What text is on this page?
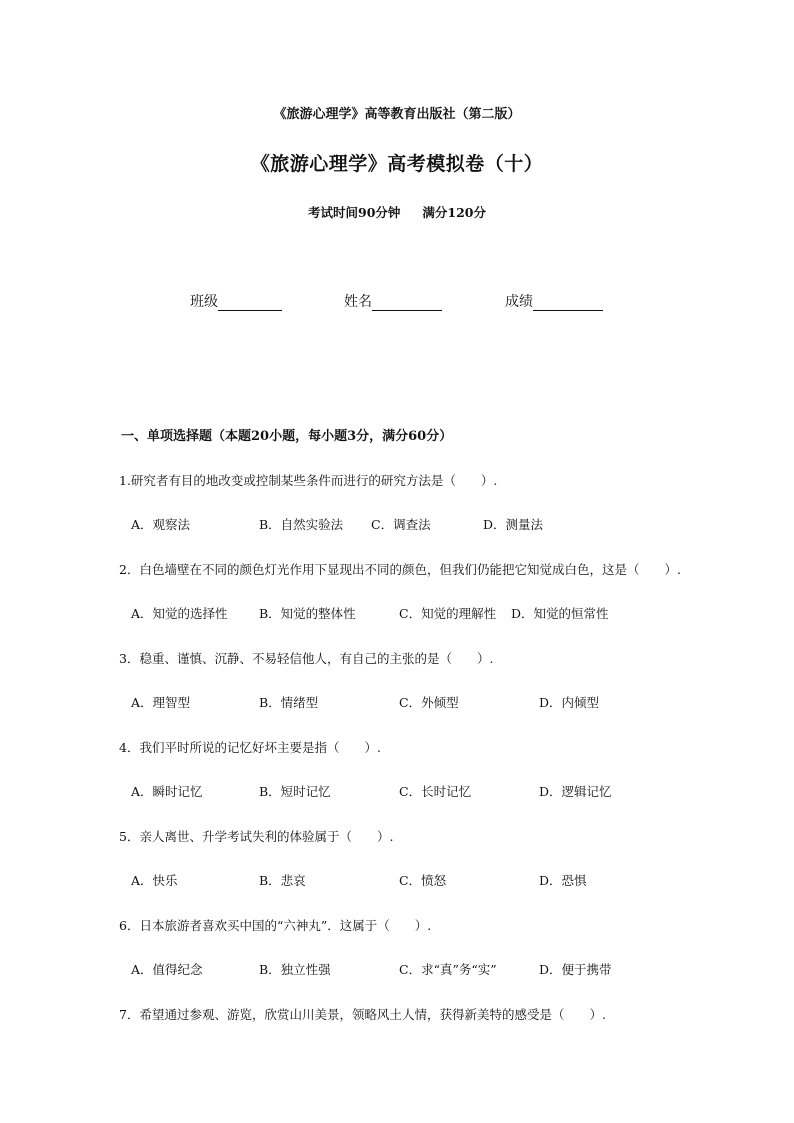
《旅游心理学》高等教育出版社（第二版）
《旅游心理学》高考模拟卷（十）
考试时间90分钟 满分120分
班级	姓名	成绩
一、单项选择题（本题20小题，每小题3分，满分60分）
1.研究者有目的地改变或控制某些条件而进行的研究方法是（　　）.
A．观察法	B．自然实验法 C．调查法	D．测量法
2．白色墙壁在不同的颜色灯光作用下显现出不同的颜色，但我们仍能把它知觉成白色，这是（　　）.
A．知觉的选择性	B．知觉的整体性	C．知觉的理解性 D．知觉的恒常性
3．稳重、谨慎、沉静、不易轻信他人，有自己的主张的是（　　）.
A．理智型	B．情绪型	C．外倾型	D．内倾型
4．我们平时所说的记忆好坏主要是指（　　）.
A．瞬时记忆	B．短时记忆	C．长时记忆	D．逻辑记忆
5．亲人离世、升学考试失利的体验属于（　　）.
A．快乐	B．悲哀	C．愤怒	D．恐惧
6．日本旅游者喜欢买中国的“六神丸”．这属于（　　）.
A．值得纪念	B．独立性强	C．求“真”务“实”	D．便于携带
7．希望通过参观、游览，欣赏山川美景，领略风土人情，获得新美特的感受是（　　）.
